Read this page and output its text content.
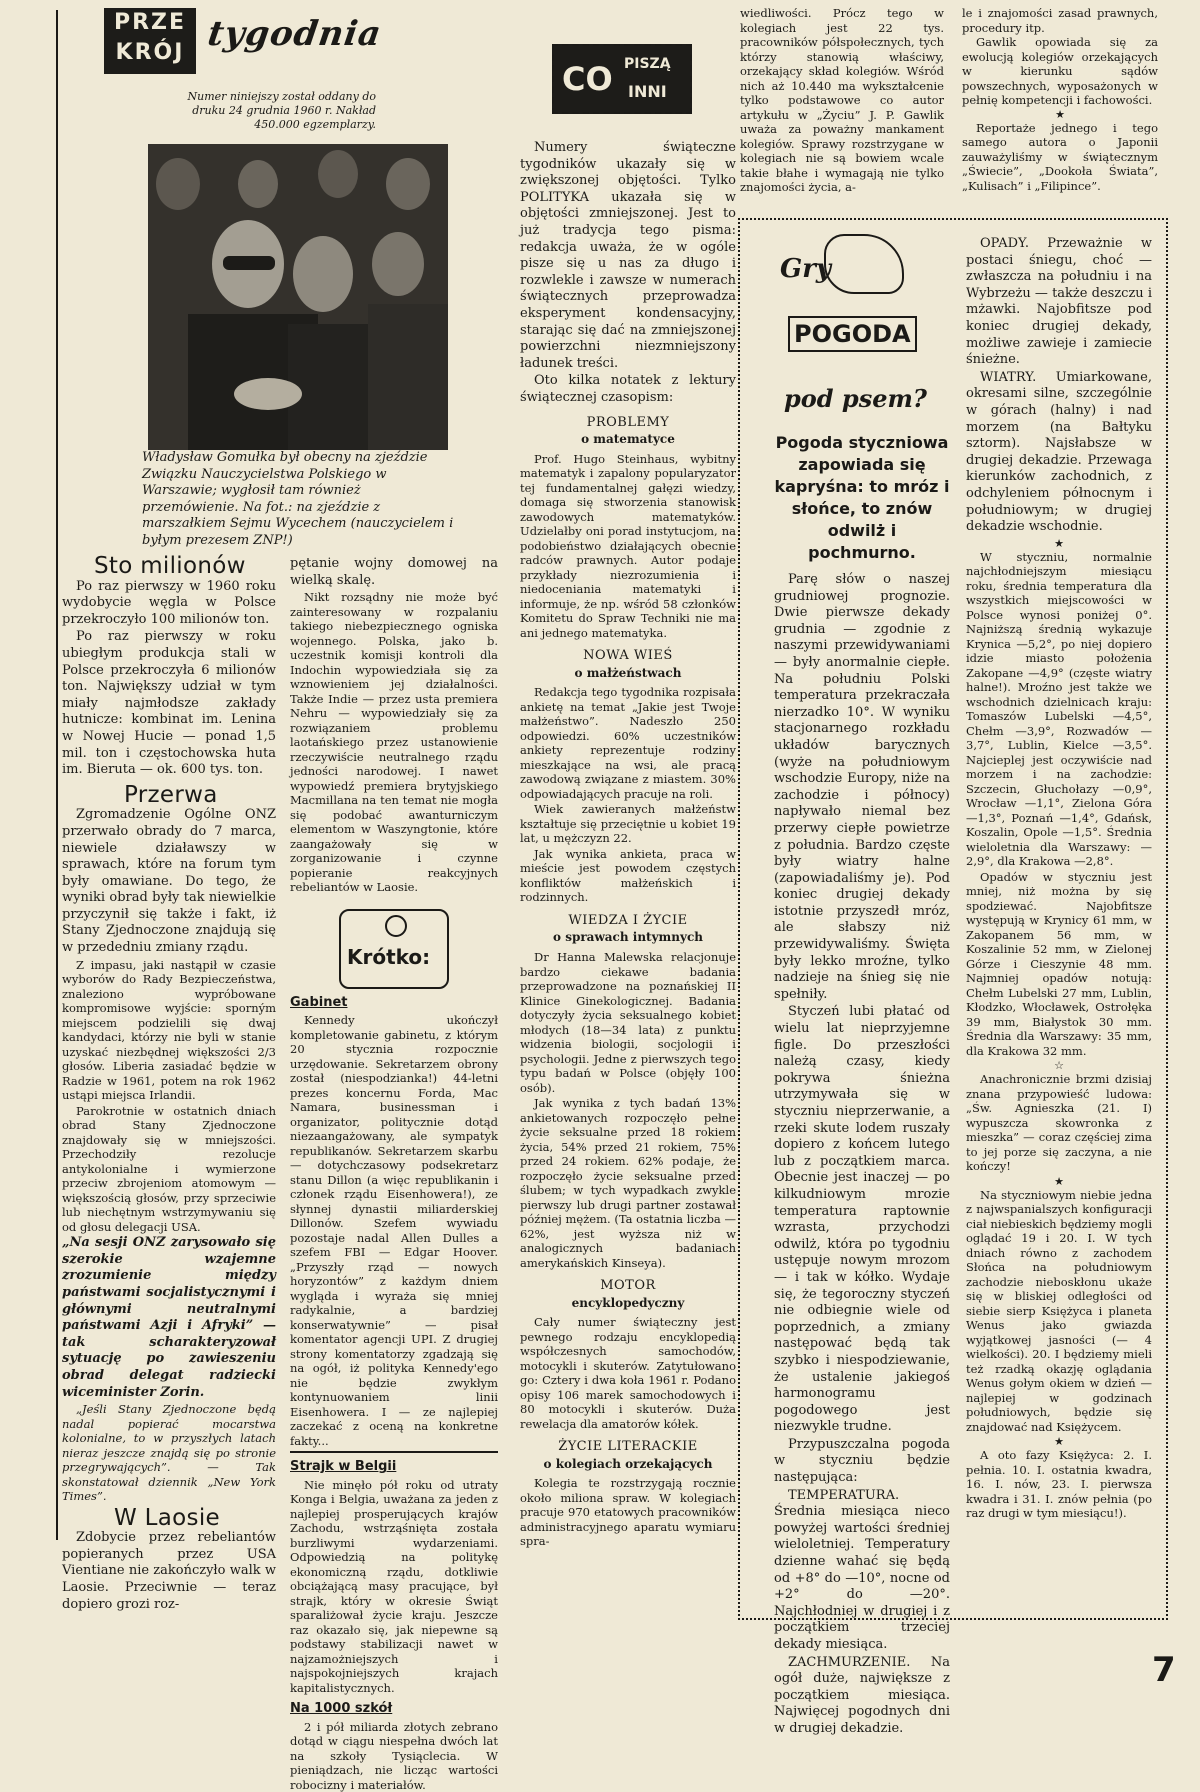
PRZE
KRÓJ tygodnia
Numer niniejszy został oddany do druku 24 grudnia 1960 r. Nakład 450.000 egzemplarzy.
Władysław Gomułka był obecny na zjeździe Związku Nauczycielstwa Polskiego w Warszawie; wygłosił tam również przemówienie. Na fot.: na zjeździe z marszałkiem Sejmu Wycechem (nauczycielem i byłym prezesem ZNP!)
Sto milionów

Po raz pierwszy w 1960 roku wydobycie węgla w Polsce przekroczyło 100 milionów ton.

Po raz pierwszy w roku ubiegłym produkcja stali w Polsce przekroczyła 6 milionów ton. Największy udział w tym miały najmłodsze zakłady hutnicze: kombinat im. Lenina w Nowej Hucie — ponad 1,5 mil. ton i częstochowska huta im. Bieruta — ok. 600 tys. ton.

Przerwa

Zgromadzenie Ogólne ONZ przerwało obrady do 7 marca, niewiele działawszy w sprawach, które na forum tym były omawiane. Do tego, że wyniki obrad były tak niewielkie przyczynił się także i fakt, iż Stany Zjednoczone znajdują się w przededniu zmiany rządu.

Z impasu, jaki nastąpił w czasie wyborów do Rady Bezpieczeństwa, znaleziono wypróbowane kompromisowe wyjście: sporným miejscem podzielili się dwaj kandydaci, którzy nie byli w stanie uzyskać niezbędnej większości 2/3 głosów. Liberia zasiadać będzie w Radzie w 1961, potem na rok 1962 ustąpi miejsca Irlandii.

Parokrotnie w ostatnich dniach obrad Stany Zjednoczone znajdowały się w mniejszości. Przechodziły rezolucje antykolonialne i wymierzone przeciw zbrojeniom atomowym — większością głosów, przy sprzeciwie lub niechętnym wstrzymywaniu się od głosu delegacji USA.

„Na sesji ONZ zarysowało się szerokie wzajemne zrozumienie między państwami socjalistycznymi i głównymi neutralnymi państwami Azji i Afryki” — tak scharakteryzował sytuację po zawieszeniu obrad delegat radziecki wiceminister Zorin.

„Jeśli Stany Zjednoczone będą nadal popierać mocarstwa kolonialne, to w przyszłych latach nieraz jeszcze znajdą się po stronie przegrywających”. — Tak skonstatował dziennik „New York Times”.

W Laosie

Zdobycie przez rebeliantów popieranych przez USA Vientiane nie zakończyło walk w Laosie. Przeciwnie — teraz dopiero grozi roz-

pętanie wojny domowej na wielką skalę.

Nikt rozsądny nie może być zainteresowany w rozpalaniu takiego niebezpiecznego ogniska wojennego. Polska, jako b. uczestnik komisji kontroli dla Indochin wypowiedziała się za wznowieniem jej działalności. Także Indie — przez usta premiera Nehru — wypowiedziały się za rozwiązaniem problemu laotańskiego przez ustanowienie rzeczywiście neutralnego rządu jedności narodowej. I nawet wypowiedź premiera brytyjskiego Macmillana na ten temat nie mogła się podobać awanturniczym elementom w Waszyngtonie, które zaangażowały się w zorganizowanie i czynne popieranie reakcyjnych rebeliantów w Laosie.

Krótko:
Gabinet

Kennedy ukończył kompletowanie gabinetu, z którym 20 stycznia rozpocznie urzędowanie. Sekretarzem obrony został (niespodzianka!) 44-letni prezes koncernu Forda, Mac Namara, businessman i organizator, politycznie dotąd niezaangażowany, ale sympatyk republikanów. Sekretarzem skarbu — dotychczasowy podsekretarz stanu Dillon (a więc republikanin i członek rządu Eisenhowera!), ze słynnej dynastii miliarderskiej Dillonów. Szefem wywiadu pozostaje nadal Allen Dulles a szefem FBI — Edgar Hoover. „Przyszły rząd — nowych horyzontów” z każdym dniem wygląda i wyraża się mniej radykalnie, a bardziej konserwatywnie” — pisał komentator agencji UPI. Z drugiej strony komentatorzy zgadzają się na ogół, iż polityka Kennedy'ego nie będzie zwykłym kontynuowaniem linii Eisenhowera. I — ze najlepiej zaczekać z oceną na konkretne fakty...

Strajk w Belgii

Nie minęło pół roku od utraty Konga i Belgia, uważana za jeden z najlepiej prosperujących krajów Zachodu, wstrząśnięta została burzliwymi wydarzeniami. Odpowiedzią na politykę ekonomiczną rządu, dotkliwie obciążającą masy pracujące, był strajk, który w okresie Świąt sparaliżował życie kraju. Jeszcze raz okazało się, jak niepewne są podstawy stabilizacji nawet w najzamożniejszych i najspokojniejszych krajach kapitalistycznych.

Na 1000 szkół

2 i pół miliarda złotych zebrano dotąd w ciągu niespełna dwóch lat na szkoły Tysiąclecia. W pieniądzach, nie licząc wartości robocizny i materiałów.

CO PISZĄ
INNI

Numery świąteczne tygodników ukazały się w zwiększonej objętości. Tylko POLITYKA ukazała się w objętości zmniejszonej. Jest to już tradycja tego pisma: redakcja uważa, że w ogóle pisze się u nas za długo i rozwlekle i zawsze w numerach świątecznych przeprowadza eksperyment kondensacyjny, starając się dać na zmniejszonej powierzchni niezmniejszony ładunek treści.

Oto kilka notatek z lektury świątecznej czasopism:

PROBLEMY
o matematyce

Prof. Hugo Steinhaus, wybitny matematyk i zapalony popularyzator tej fundamentalnej gałęzi wiedzy, domaga się stworzenia stanowisk zawodowych matematyków. Udzielałby oni porad instytucjom, na podobieństwo działających obecnie radców prawnych. Autor podaje przykłady niezrozumienia i niedoceniania matematyki i informuje, że np. wśród 58 członków Komitetu do Spraw Techniki nie ma ani jednego matematyka.

NOWA WIEŚ
o małżeństwach

Redakcja tego tygodnika rozpisała ankietę na temat „Jakie jest Twoje małżeństwo”. Nadeszło 250 odpowiedzi. 60% uczestników ankiety reprezentuje rodziny mieszkające na wsi, ale pracą zawodową związane z miastem. 30% odpowiadających pracuje na roli.

Wiek zawieranych małżeństw kształtuje się przeciętnie u kobiet 19 lat, u mężczyzn 22.

Jak wynika ankieta, praca w mieście jest powodem częstych konfliktów małżeńskich i rodzinnych.

WIEDZA I ŻYCIE
o sprawach intymnych

Dr Hanna Malewska relacjonuje bardzo ciekawe badania przeprowadzone na poznańskiej II Klinice Ginekologicznej. Badania dotyczyły życia seksualnego kobiet młodych (18—34 lata) z punktu widzenia biologii, socjologii i psychologii. Jedne z pierwszych tego typu badań w Polsce (objęły 100 osób).

Jak wynika z tych badań 13% ankietowanych rozpoczęło pełne życie seksualne przed 18 rokiem życia, 54% przed 21 rokiem, 75% przed 24 rokiem. 62% podaje, że rozpoczęło życie seksualne przed ślubem; w tych wypadkach zwykle pierwszy lub drugi partner zostawał później mężem. (Ta ostatnia liczba — 62%, jest wyższa niż w analogicznych badaniach amerykańskich Kinseya).

MOTOR
encyklopedyczny

Cały numer świąteczny jest pewnego rodzaju encyklopedią współczesnych samochodów, motocykli i skuterów. Zatytułowano go: Cztery i dwa koła 1961 r. Podano opisy 106 marek samochodowych i 80 motocykli i skuterów. Duża rewelacja dla amatorów kółek.

ŻYCIE LITERACKIE
o kolegiach orzekających

Kolegia te rozstrzygają rocznie około miliona spraw. W kolegiach pracuje 970 etatowych pracowników administracyjnego aparatu wymiaru spra-

wiedliwości. Prócz tego w kolegiach jest 22 tys. pracowników półspołecznych, tych którzy stanowią właściwy, orzekający skład kolegiów. Wśród nich aż 10.440 ma wykształcenie tylko podstawowe co autor artykułu w „Życiu” J. P. Gawlik uważa za poważny mankament kolegiów. Sprawy rozstrzygane w kolegiach nie są bowiem wcale takie błahe i wymagają nie tylko znajomości życia, a-

le i znajomości zasad prawnych, procedury itp.

Gawlik opowiada się za ewolucją kolegiów orzekających w kierunku sądów powszechnych, wyposażonych w pełnię kompetencji i fachowości.

★

Reportaże jednego i tego samego autora o Japonii zauważyliśmy w świątecznym „Świecie”, „Dookoła Świata”, „Kulisach” i „Filipince”.

Gry
POGODA
pod psem?
Pogoda styczniowa zapowiada się kapryśna: to mróz i słońce, to znów odwilż i pochmurno.

Parę słów o naszej grudniowej prognozie. Dwie pierwsze dekady grudnia — zgodnie z naszymi przewidywaniami — były anormalnie ciepłe. Na południu Polski temperatura przekraczała nierzadko 10°. W wyniku stacjonarnego rozkładu układów barycznych (wyże na południowym wschodzie Europy, niże na zachodzie i północy) napływało niemal bez przerwy ciepłe powietrze z południa. Bardzo częste były wiatry halne (zapowiadaliśmy je). Pod koniec drugiej dekady istotnie przyszedł mróz, ale słabszy niż przewidywaliśmy. Święta były lekko mroźne, tylko nadzieje na śnieg się nie spełniły.

Styczeń lubi płatać od wielu lat nieprzyjemne figle. Do przeszłości należą czasy, kiedy pokrywa śnieżna utrzymywała się w styczniu nieprzerwanie, a rzeki skute lodem ruszały dopiero z końcem lutego lub z początkiem marca. Obecnie jest inaczej — po kilkudniowym mrozie temperatura raptownie wzrasta, przychodzi odwilż, która po tygodniu ustępuje nowym mrozom — i tak w kółko. Wydaje się, że tegoroczny styczeń nie odbiegnie wiele od poprzednich, a zmiany następować będą tak szybko i niespodziewanie, że ustalenie jakiegoś harmonogramu pogodowego jest niezwykle trudne.

Przypuszczalna pogoda w styczniu będzie następująca:

TEMPERATURA. Średnia miesiąca nieco powyżej wartości średniej wieloletniej. Temperatury dzienne wahać się będą od +8° do —10°, nocne od +2° do —20°. Najchłodniej w drugiej i z początkiem trzeciej dekady miesiąca.

ZACHMURZENIE. Na ogół duże, największe z początkiem miesiąca. Najwięcej pogodnych dni w drugiej dekadzie.

OPADY. Przeważnie w postaci śniegu, choć — zwłaszcza na południu i na Wybrzeżu — także deszczu i mżawki. Najobfitsze pod koniec drugiej dekady, możliwe zawieje i zamiecie śnieżne.

WIATRY. Umiarkowane, okresami silne, szczególnie w górach (halny) i nad morzem (na Bałtyku sztorm). Najsłabsze w drugiej dekadzie. Przewaga kierunków zachodnich, z odchyleniem północnym i południowym; w drugiej dekadzie wschodnie.

★

W styczniu, normalnie najchłodniejszym miesiącu roku, średnia temperatura dla wszystkich miejscowości w Polsce wynosi poniżej 0°. Najniższą średnią wykazuje Krynica —5,2°, po niej dopiero idzie miasto położenia Zakopane —4,9° (częste wiatry halne!). Mroźno jest także we wschodnich dzielnicach kraju: Tomaszów Lubelski —4,5°, Chełm —3,9°, Rozwadów —3,7°, Lublin, Kielce —3,5°. Najcieplej jest oczywiście nad morzem i na zachodzie: Szczecin, Głuchołazy —0,9°, Wrocław —1,1°, Zielona Góra —1,3°, Poznań —1,4°, Gdańsk, Koszalin, Opole —1,5°. Średnia wieloletnia dla Warszawy: —2,9°, dla Krakowa —2,8°.

Opadów w styczniu jest mniej, niż można by się spodziewać. Najobfitsze występują w Krynicy 61 mm, w Zakopanem 56 mm, w Koszalinie 52 mm, w Zielonej Górze i Cieszynie 48 mm. Najmniej opadów notują: Chełm Lubelski 27 mm, Lublin, Kłodzko, Włocławek, Ostrołęka 39 mm, Białystok 30 mm. Średnia dla Warszawy: 35 mm, dla Krakowa 32 mm.

☆

Anachronicznie brzmi dzisiaj znana przypowieść ludowa: „Św. Agnieszka (21. I) wypuszcza skowronka z mieszka” — coraz częściej zima to jej porze się zaczyna, a nie kończy!

★

Na styczniowym niebie jedna z najwspanialszych konfiguracji ciał niebieskich będziemy mogli oglądać 19 i 20. I. W tych dniach równo z zachodem Słońca na południowym zachodzie nieboskłonu ukaże się w bliskiej odległości od siebie sierp Księżyca i planeta Wenus jako gwiazda wyjątkowej jasności (— 4 wielkości). 20. I będziemy mieli też rzadką okazję oglądania Wenus gołym okiem w dzień — najlepiej w godzinach południowych, będzie się znajdować nad Księżycem.

★

A oto fazy Księżyca: 2. I. pełnia. 10. I. ostatnia kwadra, 16. I. nów, 23. I. pierwsza kwadra i 31. I. znów pełnia (po raz drugi w tym miesiącu!).

7
